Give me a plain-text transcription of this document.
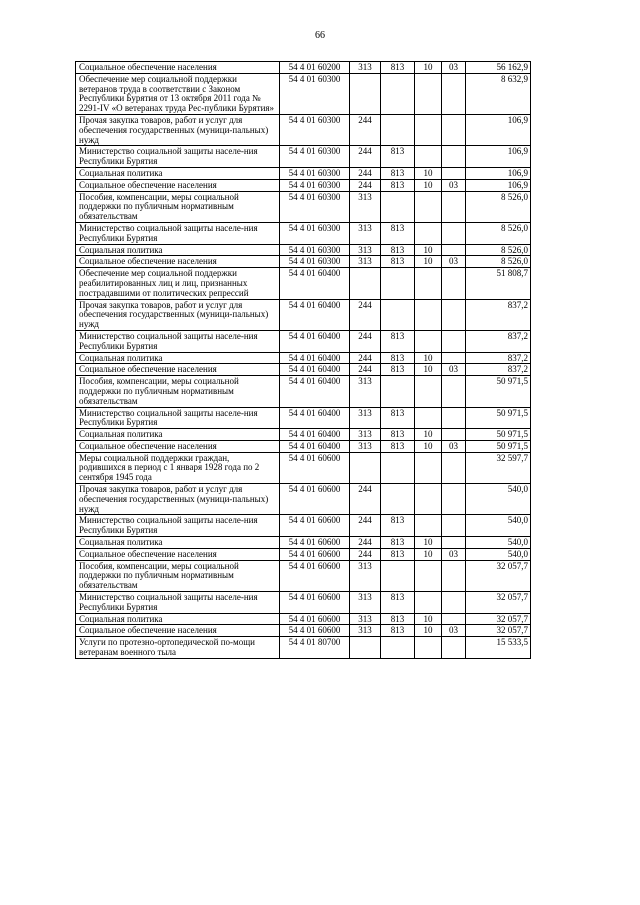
66
Социальное обеспечение населения	54 4 01 60200	313	813	10	03	56 162,9
Обеспечение мер социальной поддержки ветеранов труда в соответствии с Законом Республики Бурятия от 13 октября 2011 года № 2291-IV «О ветеранах труда Рес-публики Бурятия»	54 4 01 60300					8 632,9
Прочая закупка товаров, работ и услуг для обеспечения государственных (муници-пальных) нужд	54 4 01 60300	244				106,9
Министерство социальной защиты населе-ния Республики Бурятия	54 4 01 60300	244	813			106,9
Социальная политика	54 4 01 60300	244	813	10		106,9
Социальное обеспечение населения	54 4 01 60300	244	813	10	03	106,9
Пособия, компенсации, меры социальной поддержки по публичным нормативным обязательствам	54 4 01 60300	313				8 526,0
Министерство социальной защиты населе-ния Республики Бурятия	54 4 01 60300	313	813			8 526,0
Социальная политика	54 4 01 60300	313	813	10		8 526,0
Социальное обеспечение населения	54 4 01 60300	313	813	10	03	8 526,0
Обеспечение мер социальной поддержки реабилитированных лиц и лиц, признанных пострадавшими от политических репрессий	54 4 01 60400					51 808,7
Прочая закупка товаров, работ и услуг для обеспечения государственных (муници-пальных) нужд	54 4 01 60400	244				837,2
Министерство социальной защиты населе-ния Республики Бурятия	54 4 01 60400	244	813			837,2
Социальная политика	54 4 01 60400	244	813	10		837,2
Социальное обеспечение населения	54 4 01 60400	244	813	10	03	837,2
Пособия, компенсации, меры социальной поддержки по публичным нормативным обязательствам	54 4 01 60400	313				50 971,5
Министерство социальной защиты населе-ния Республики Бурятия	54 4 01 60400	313	813			50 971,5
Социальная политика	54 4 01 60400	313	813	10		50 971,5
Социальное обеспечение населения	54 4 01 60400	313	813	10	03	50 971,5
Меры социальной поддержки граждан, родившихся в период с 1 января 1928 года по 2 сентября 1945 года	54 4 01 60600					32 597,7
Прочая закупка товаров, работ и услуг для обеспечения государственных (муници-пальных) нужд	54 4 01 60600	244				540,0
Министерство социальной защиты населе-ния Республики Бурятия	54 4 01 60600	244	813			540,0
Социальная политика	54 4 01 60600	244	813	10		540,0
Социальное обеспечение населения	54 4 01 60600	244	813	10	03	540,0
Пособия, компенсации, меры социальной поддержки по публичным нормативным обязательствам	54 4 01 60600	313				32 057,7
Министерство социальной защиты населе-ния Республики Бурятия	54 4 01 60600	313	813			32 057,7
Социальная политика	54 4 01 60600	313	813	10		32 057,7
Социальное обеспечение населения	54 4 01 60600	313	813	10	03	32 057,7
Услуги по протезно-ортопедической по-мощи ветеранам военного тыла	54 4 01 80700					15 533,5
